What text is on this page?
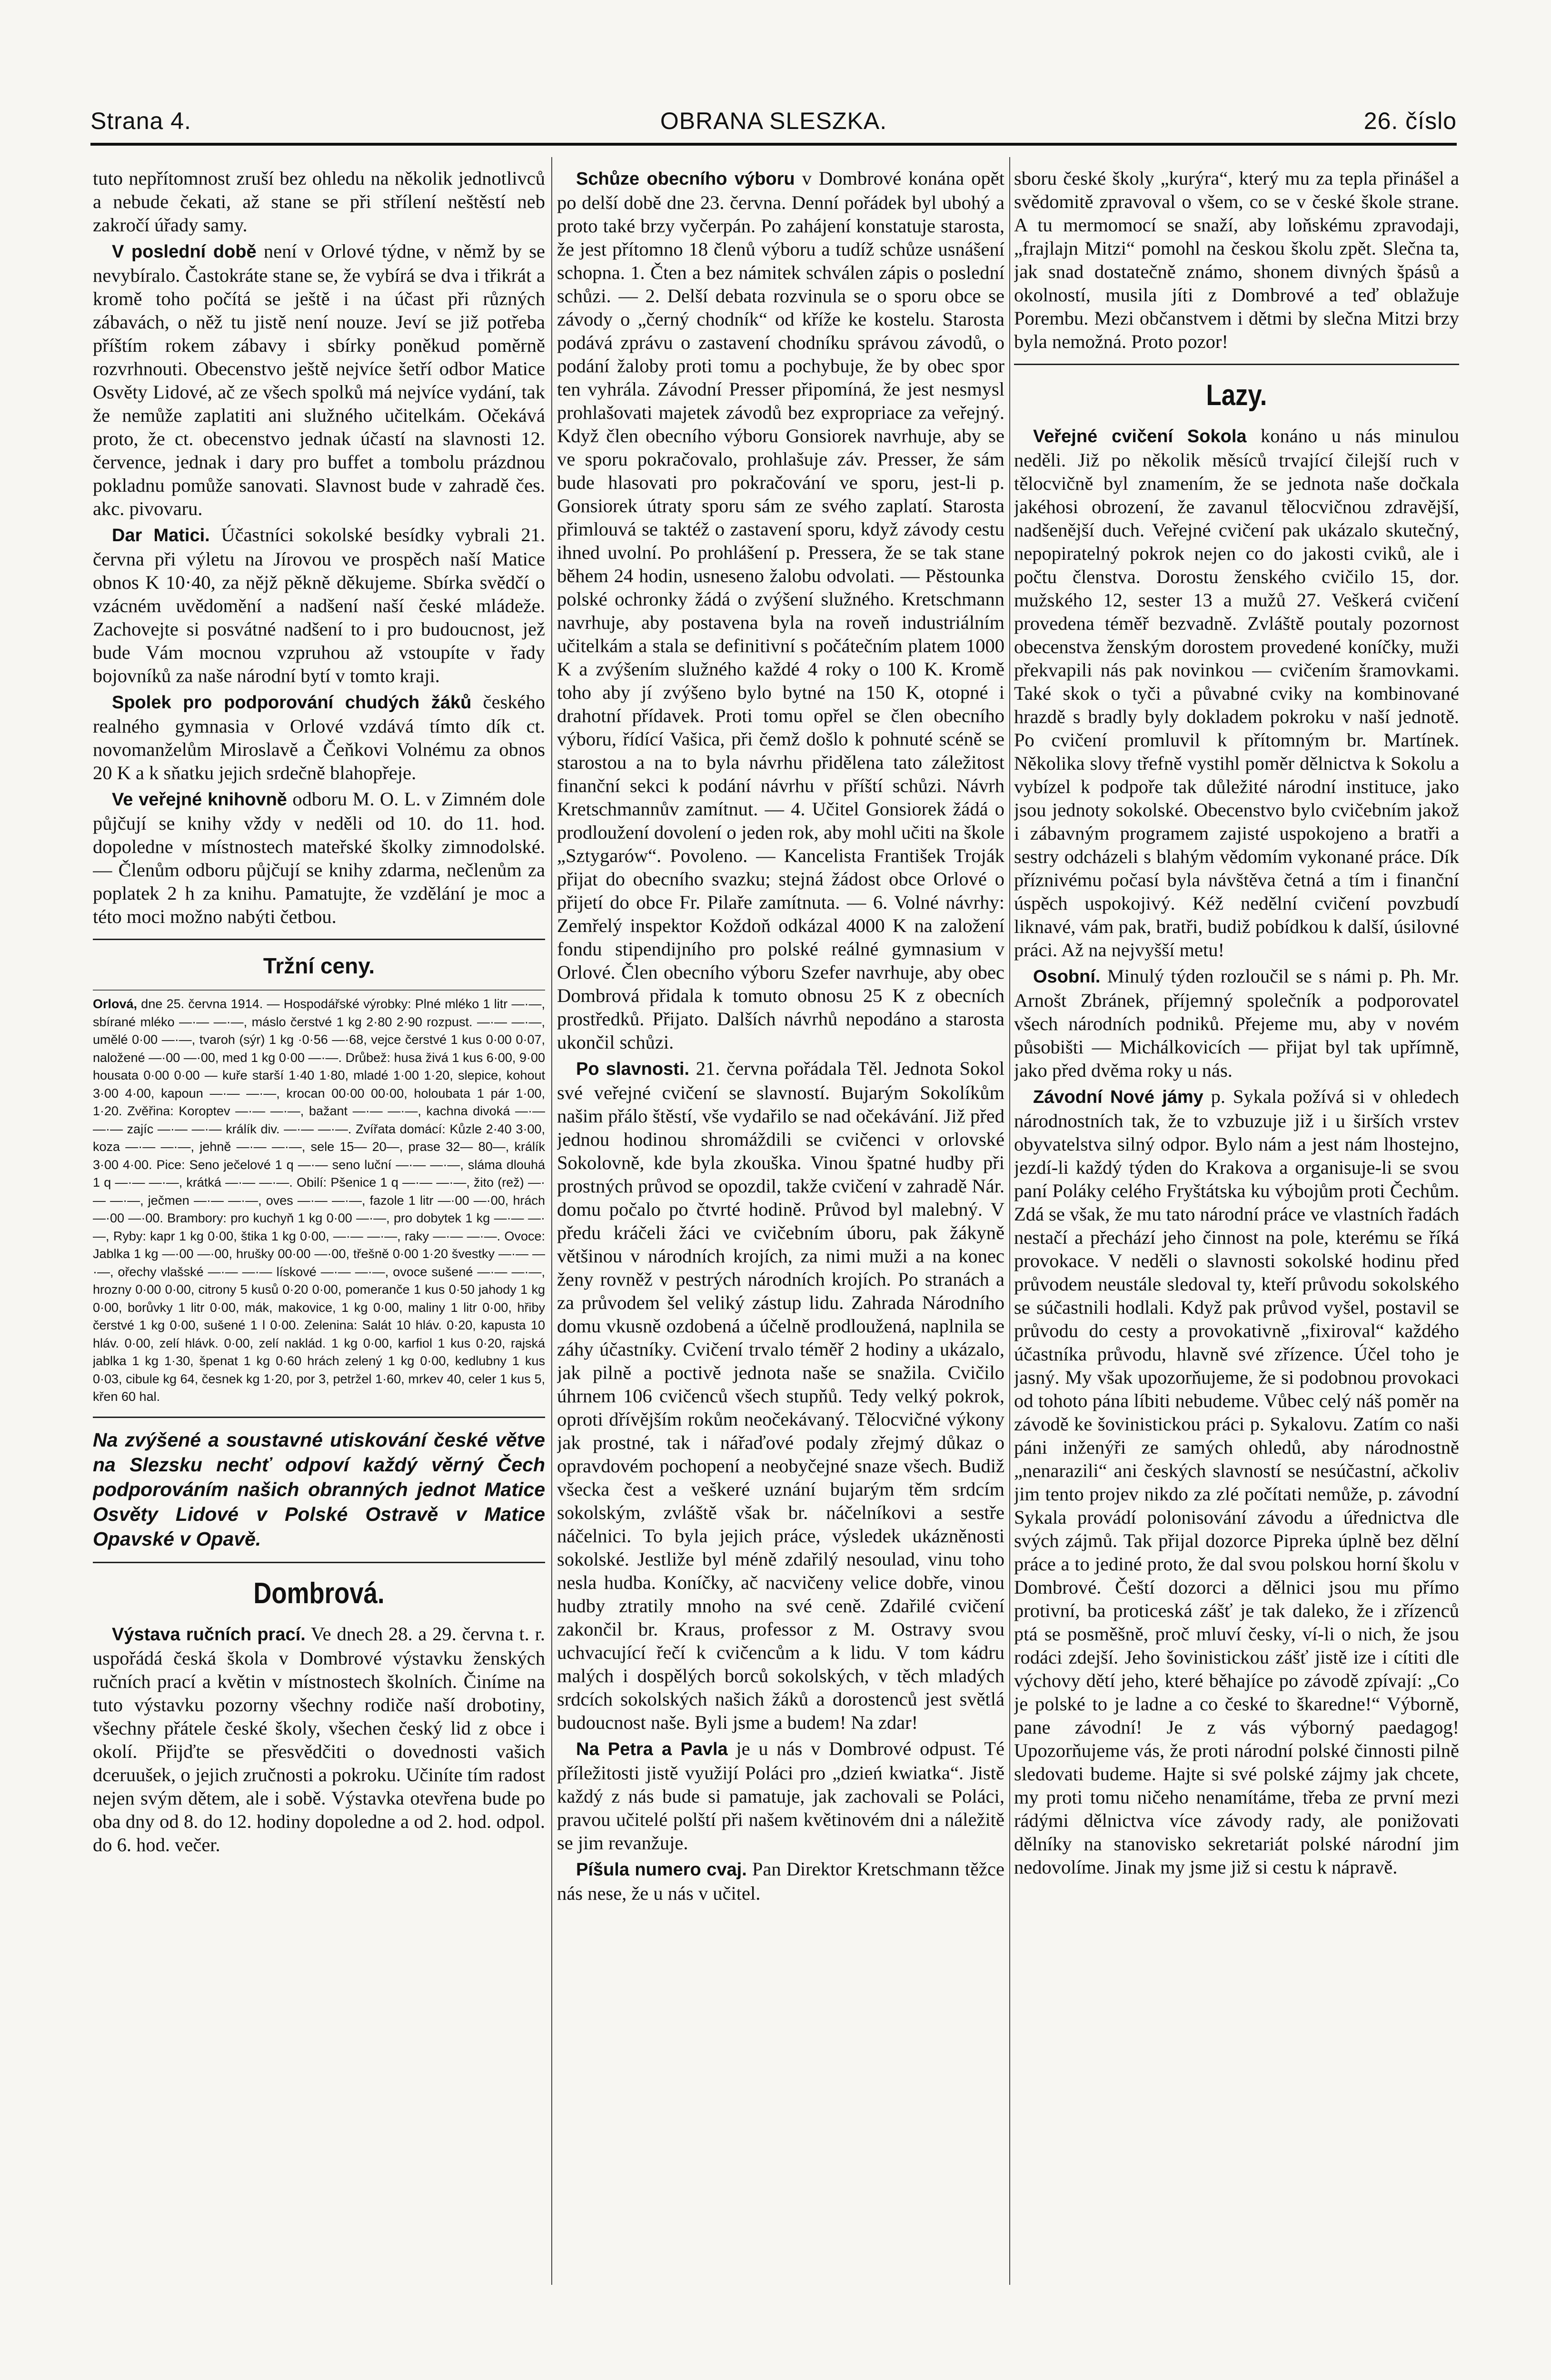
Strana 4.	OBRANA SLESZKA.	26. číslo

tuto nepřítomnost zruší bez ohledu na několik jednotlivců a nebude čekati, až stane se při střílení neštěstí neb zakročí úřady samy.

V poslední době není v Orlové týdne, v němž by se nevybíralo. Častokráte stane se, že vybírá se dva i třikrát a kromě toho počítá se ještě i na účast při různých zábavách, o něž tu jistě není nouze. Jeví se již potřeba příštím rokem zábavy i sbírky poněkud poměrně rozvrhnouti. Obecenstvo ještě nejvíce šetří odbor Matice Osvěty Lidové, ač ze všech spolků má nejvíce vydání, tak že nemůže zaplatiti ani služného učitelkám. Očekává proto, že ct. obecenstvo jednak účastí na slavnosti 12. července, jednak i dary pro buffet a tombolu prázdnou pokladnu pomůže sanovati. Slavnost bude v zahradě čes. akc. pivovaru.

Dar Matici. Účastníci sokolské besídky vybrali 21. června při výletu na Jírovou ve prospěch naší Matice obnos K 10·40, za nějž pěkně děkujeme. Sbírka svědčí o vzácném uvědomění a nadšení naší české mládeže. Zachovejte si posvátné nadšení to i pro budoucnost, jež bude Vám mocnou vzpruhou až vstoupíte v řady bojovníků za naše národní bytí v tomto kraji.

Spolek pro podporování chudých žáků českého realného gymnasia v Orlové vzdává tímto dík ct. novomanželům Miroslavě a Čeňkovi Volnému za obnos 20 K a k sňatku jejich srdečně blahopřeje.

Ve veřejné knihovně odboru M. O. L. v Zimném dole půjčují se knihy vždy v neděli od 10. do 11. hod. dopoledne v místnostech mateřské školky zimnodolské. — Členům odboru půjčují se knihy zdarma, nečlenům za poplatek 2 h za knihu. Pamatujte, že vzdělání je moc a této moci možno nabýti četbou.

Tržní ceny.

Orlová, dne 25. června 1914. — Hospodářské výrobky: Plné mléko 1 litr —·—, sbírané mléko —·— —·—, máslo čerstvé 1 kg 2·80 2·90 rozpust. —·— —·—, umělé 0·00 —·—, tvaroh (sýr) 1 kg ·0·56 —·68, vejce čerstvé 1 kus 0·00 0·07, naložené —·00 —·00, med 1 kg 0·00 —·—. Drůbež: husa živá 1 kus 6·00, 9·00 housata 0·00 0·00 — kuře starší 1·40 1·80, mladé 1·00 1·20, slepice, kohout 3·00 4·00, kapoun —·— —·—, krocan 00·00 00·00, holoubata 1 pár 1·00, 1·20. Zvěřina: Koroptev —·— —·—, bažant —·— —·—, kachna divoká —·— —·— zajíc —·— —·— králík div. —·— —·—. Zvířata domácí: Kůzle 2·40 3·00, koza —·— —·—, jehně —·— —·—, sele 15— 20—, prase 32— 80—, králík 3·00 4·00. Pice: Seno ječelové 1 q —·— seno luční —·— —·—, sláma dlouhá 1 q —·— —·—, krátká —·— —·—. Obilí: Pšenice 1 q —·— —·—, žito (rež) —·— —·—, ječmen —·— —·—, oves —·— —·—, fazole 1 litr —·00 —·00, hrách —·00 —·00. Brambory: pro kuchyň 1 kg 0·00 —·—, pro dobytek 1 kg —·— —·—, Ryby: kapr 1 kg 0·00, štika 1 kg 0·00, —·— —·—, raky —·— —·—. Ovoce: Jablka 1 kg —·00 —·00, hrušky 00·00 —·00, třešně 0·00 1·20 švestky —·— —·—, ořechy vlašské —·— —·— lískové —·— —·—, ovoce sušené —·— —·—, hrozny 0·00 0·00, citrony 5 kusů 0·20 0·00, pomeranče 1 kus 0·50 jahody 1 kg 0·00, borůvky 1 litr 0·00, mák, makovice, 1 kg 0·00, maliny 1 litr 0·00, hřiby čerstvé 1 kg 0·00, sušené 1 l 0·00. Zelenina: Salát 10 hláv. 0·20, kapusta 10 hláv. 0·00, zelí hlávk. 0·00, zelí naklád. 1 kg 0·00, karfiol 1 kus 0·20, rajská jablka 1 kg 1·30, špenat 1 kg 0·60 hrách zelený 1 kg 0·00, kedlubny 1 kus 0·03, cibule kg 64, česnek kg 1·20, por 3, petržel 1·60, mrkev 40, celer 1 kus 5, křen 60 hal.

Na zvýšené a soustavné utiskování české větve na Slezsku nechť odpoví každý věrný Čech podporováním našich obranných jednot Matice Osvěty Lidové v Polské Ostravě v Matice Opavské v Opavě.

Dombrová.

Výstava ručních prací. Ve dnech 28. a 29. června t. r. uspořádá česká škola v Dombrové výstavku ženských ručních prací a květin v místnostech školních. Činíme na tuto výstavku pozorny všechny rodiče naší drobotiny, všechny přátele české školy, všechen český lid z obce i okolí. Přijďte se přesvědčiti o dovednosti vašich dceruušek, o jejich zručnosti a pokroku. Učiníte tím radost nejen svým dětem, ale i sobě. Výstavka otevřena bude po oba dny od 8. do 12. hodiny dopoledne a od 2. hod. odpol. do 6. hod. večer.

Schůze obecního výboru v Dombrové konána opět po delší době dne 23. června. Denní pořádek byl ubohý a proto také brzy vyčerpán. Po zahájení konstatuje starosta, že jest přítomno 18 členů výboru a tudíž schůze usnášení schopna. 1. Čten a bez námitek schválen zápis o poslední schůzi. — 2. Delší debata rozvinula se o sporu obce se závody o „černý chodník“ od kříže ke kostelu. Starosta podává zprávu o zastavení chodníku správou závodů, o podání žaloby proti tomu a pochybuje, že by obec spor ten vyhrála. Závodní Presser připomíná, že jest nesmysl prohlašovati majetek závodů bez expropriace za veřejný. Když člen obecního výboru Gonsiorek navrhuje, aby se ve sporu pokračovalo, prohlašuje záv. Presser, že sám bude hlasovati pro pokračování ve sporu, jest-li p. Gonsiorek útraty sporu sám ze svého zaplatí. Starosta přimlouvá se taktéž o zastavení sporu, když závody cestu ihned uvolní. Po prohlášení p. Pressera, že se tak stane během 24 hodin, usneseno žalobu odvolati. — Pěstounka polské ochronky žádá o zvýšení služného. Kretschmann navrhuje, aby postavena byla na roveň industriálním učitelkám a stala se definitivní s počátečním platem 1000 K a zvýšením služného každé 4 roky o 100 K. Kromě toho aby jí zvýšeno bylo bytné na 150 K, otopné i drahotní přídavek. Proti tomu opřel se člen obecního výboru, řídící Vašica, při čemž došlo k pohnuté scéně se starostou a na to byla návrhu přidělena tato záležitost finanční sekci k podání návrhu v příští schůzi. Návrh Kretschmannův zamítnut. — 4. Učitel Gonsiorek žádá o prodloužení dovolení o jeden rok, aby mohl učiti na škole „Sztygarów“. Povoleno. — Kancelista František Troják přijat do obecního svazku; stejná žádost obce Orlové o přijetí do obce Fr. Pilaře zamítnuta. — 6. Volné návrhy: Zemřelý inspektor Koždoň odkázal 4000 K na založení fondu stipendijního pro polské reálné gymnasium v Orlové. Člen obecního výboru Szefer navrhuje, aby obec Dombrová přidala k tomuto obnosu 25 K z obecních prostředků. Přijato. Dalších návrhů nepodáno a starosta ukončil schůzi.

Po slavnosti. 21. června pořádala Těl. Jednota Sokol své veřejné cvičení se slavností. Bujarým Sokolíkům našim přálo štěstí, vše vydařilo se nad očekávání. Již před jednou hodinou shromáždili se cvičenci v orlovské Sokolovně, kde byla zkouška. Vinou špatné hudby při prostných průvod se opozdil, takže cvičení v zahradě Nár. domu počalo po čtvrté hodině. Průvod byl malebný. V předu kráčeli žáci ve cvičebním úboru, pak žákyně většinou v národních krojích, za nimi muži a na konec ženy rovněž v pestrých národních krojích. Po stranách a za průvodem šel veliký zástup lidu. Zahrada Národního domu vkusně ozdobená a účelně prodloužená, naplnila se záhy účastníky. Cvičení trvalo téměř 2 hodiny a ukázalo, jak pilně a poctivě jednota naše se snažila. Cvičilo úhrnem 106 cvičenců všech stupňů. Tedy velký pokrok, oproti dřívějším rokům neočekávaný. Tělocvičné výkony jak prostné, tak i nářaďové podaly zřejmý důkaz o opravdovém pochopení a neobyčejné snaze všech. Budiž všecka čest a veškeré uznání bujarým těm srdcím sokolským, zvláště však br. náčelníkovi a sestře náčelnici. To byla jejich práce, výsledek ukázněnosti sokolské. Jestliže byl méně zdařilý nesoulad, vinu toho nesla hudba. Koníčky, ač nacvičeny velice dobře, vinou hudby ztratily mnoho na své ceně. Zdařilé cvičení zakončil br. Kraus, professor z M. Ostravy svou uchvacující řečí k cvičencům a k lidu. V tom kádru malých i dospělých borců sokolských, v těch mladých srdcích sokolských našich žáků a dorostenců jest světlá budoucnost naše. Byli jsme a budem! Na zdar!

Na Petra a Pavla je u nás v Dombrové odpust. Té příležitosti jistě využijí Poláci pro „dzień kwiatka“. Jistě každý z nás bude si pamatuje, jak zachovali se Poláci, pravou učitelé polští při našem květinovém dni a náležitě se jim revanžuje.

Píšula numero cvaj. Pan Direktor Kretschmann těžce nás nese, že u nás v učitel.

sboru české školy „kurýra“, který mu za tepla přinášel a svědomitě zpravoval o všem, co se v české škole strane. A tu mermomocí se snaží, aby loňskému zpravodaji, „frajlajn Mitzi“ pomohl na českou školu zpět. Slečna ta, jak snad dostatečně známo, shonem divných špásů a okolností, musila jíti z Dombrové a teď oblažuje Porembu. Mezi občanstvem i dětmi by slečna Mitzi brzy byla nemožná. Proto pozor!

Lazy.

Veřejné cvičení Sokola konáno u nás minulou neděli. Již po několik měsíců trvající čilejší ruch v tělocvičně byl znamením, že se jednota naše dočkala jakéhosi obrození, že zavanul tělocvičnou zdravější, nadšenější duch. Veřejné cvičení pak ukázalo skutečný, nepopiratelný pokrok nejen co do jakosti cviků, ale i počtu členstva. Dorostu ženského cvičilo 15, dor. mužského 12, sester 13 a mužů 27. Veškerá cvičení provedena téměř bezvadně. Zvláště poutaly pozornost obecenstva ženským dorostem provedené koníčky, muži překvapili nás pak novinkou — cvičením šramovkami. Také skok o tyči a půvabné cviky na kombinované hrazdě s bradly byly dokladem pokroku v naší jednotě. Po cvičení promluvil k přítomným br. Martínek. Několika slovy třefně vystihl poměr dělnictva k Sokolu a vybízel k podpoře tak důležité národní instituce, jako jsou jednoty sokolské. Obecenstvo bylo cvičebním jakož i zábavným programem zajisté uspokojeno a bratři a sestry odcházeli s blahým vědomím vykonané práce. Dík příznivému počasí byla návštěva četná a tím i finanční úspěch uspokojivý. Kéž nedělní cvičení povzbudí liknavé, vám pak, bratři, budiž pobídkou k další, úsilovné práci. Až na nejvyšší metu!

Osobní. Minulý týden rozloučil se s námi p. Ph. Mr. Arnošt Zbránek, příjemný společník a podporovatel všech národních podniků. Přejeme mu, aby v novém působišti — Michálkovicích — přijat byl tak upřímně, jako před dvěma roky u nás.

Závodní Nové jámy p. Sykala požívá si v ohledech národnostních tak, že to vzbuzuje již i u širších vrstev obyvatelstva silný odpor. Bylo nám a jest nám lhostejno, jezdí-li každý týden do Krakova a organisuje-li se svou paní Poláky celého Fryštátska ku výbojům proti Čechům. Zdá se však, že mu tato národní práce ve vlastních řadách nestačí a přechází jeho činnost na pole, kterému se říká provokace. V neděli o slavnosti sokolské hodinu před průvodem neustále sledoval ty, kteří průvodu sokolského se súčastnili hodlali. Když pak průvod vyšel, postavil se průvodu do cesty a provokativně „fixiroval“ každého účastníka průvodu, hlavně své zřízence. Účel toho je jasný. My však upozorňujeme, že si podobnou provokaci od tohoto pána líbiti nebudeme. Vůbec celý náš poměr na závodě ke šovinistickou práci p. Sykalovu. Zatím co naši páni inženýři ze samých ohledů, aby národnostně „nenarazili“ ani českých slavností se nesúčastní, ačkoliv jim tento projev nikdo za zlé počítati nemůže, p. závodní Sykala provádí polonisování závodu a úřednictva dle svých zájmů. Tak přijal dozorce Pipreka úplně bez dělní práce a to jediné proto, že dal svou polskou horní školu v Dombrové. Čeští dozorci a dělnici jsou mu přímo protivní, ba proticeská zášť je tak daleko, že i zřízenců ptá se posměšně, proč mluví česky, ví-li o nich, že jsou rodáci zdejší. Jeho šovinistickou zášť jistě ize i cítiti dle výchovy dětí jeho, které běhajíce po závodě zpívají: „Co je polské to je ladne a co české to škaredne!“ Výborně, pane závodní! Je z vás výborný paedagog! Upozorňujeme vás, že proti národní polské činnosti pilně sledovati budeme. Hajte si své polské zájmy jak chcete, my proti tomu ničeho nenamítáme, třeba ze první mezi rádými dělnictva více závody rady, ale ponižovati dělníky na stanovisko sekretariát polské národní jim nedovolíme. Jinak my jsme již si cestu k nápravě.
